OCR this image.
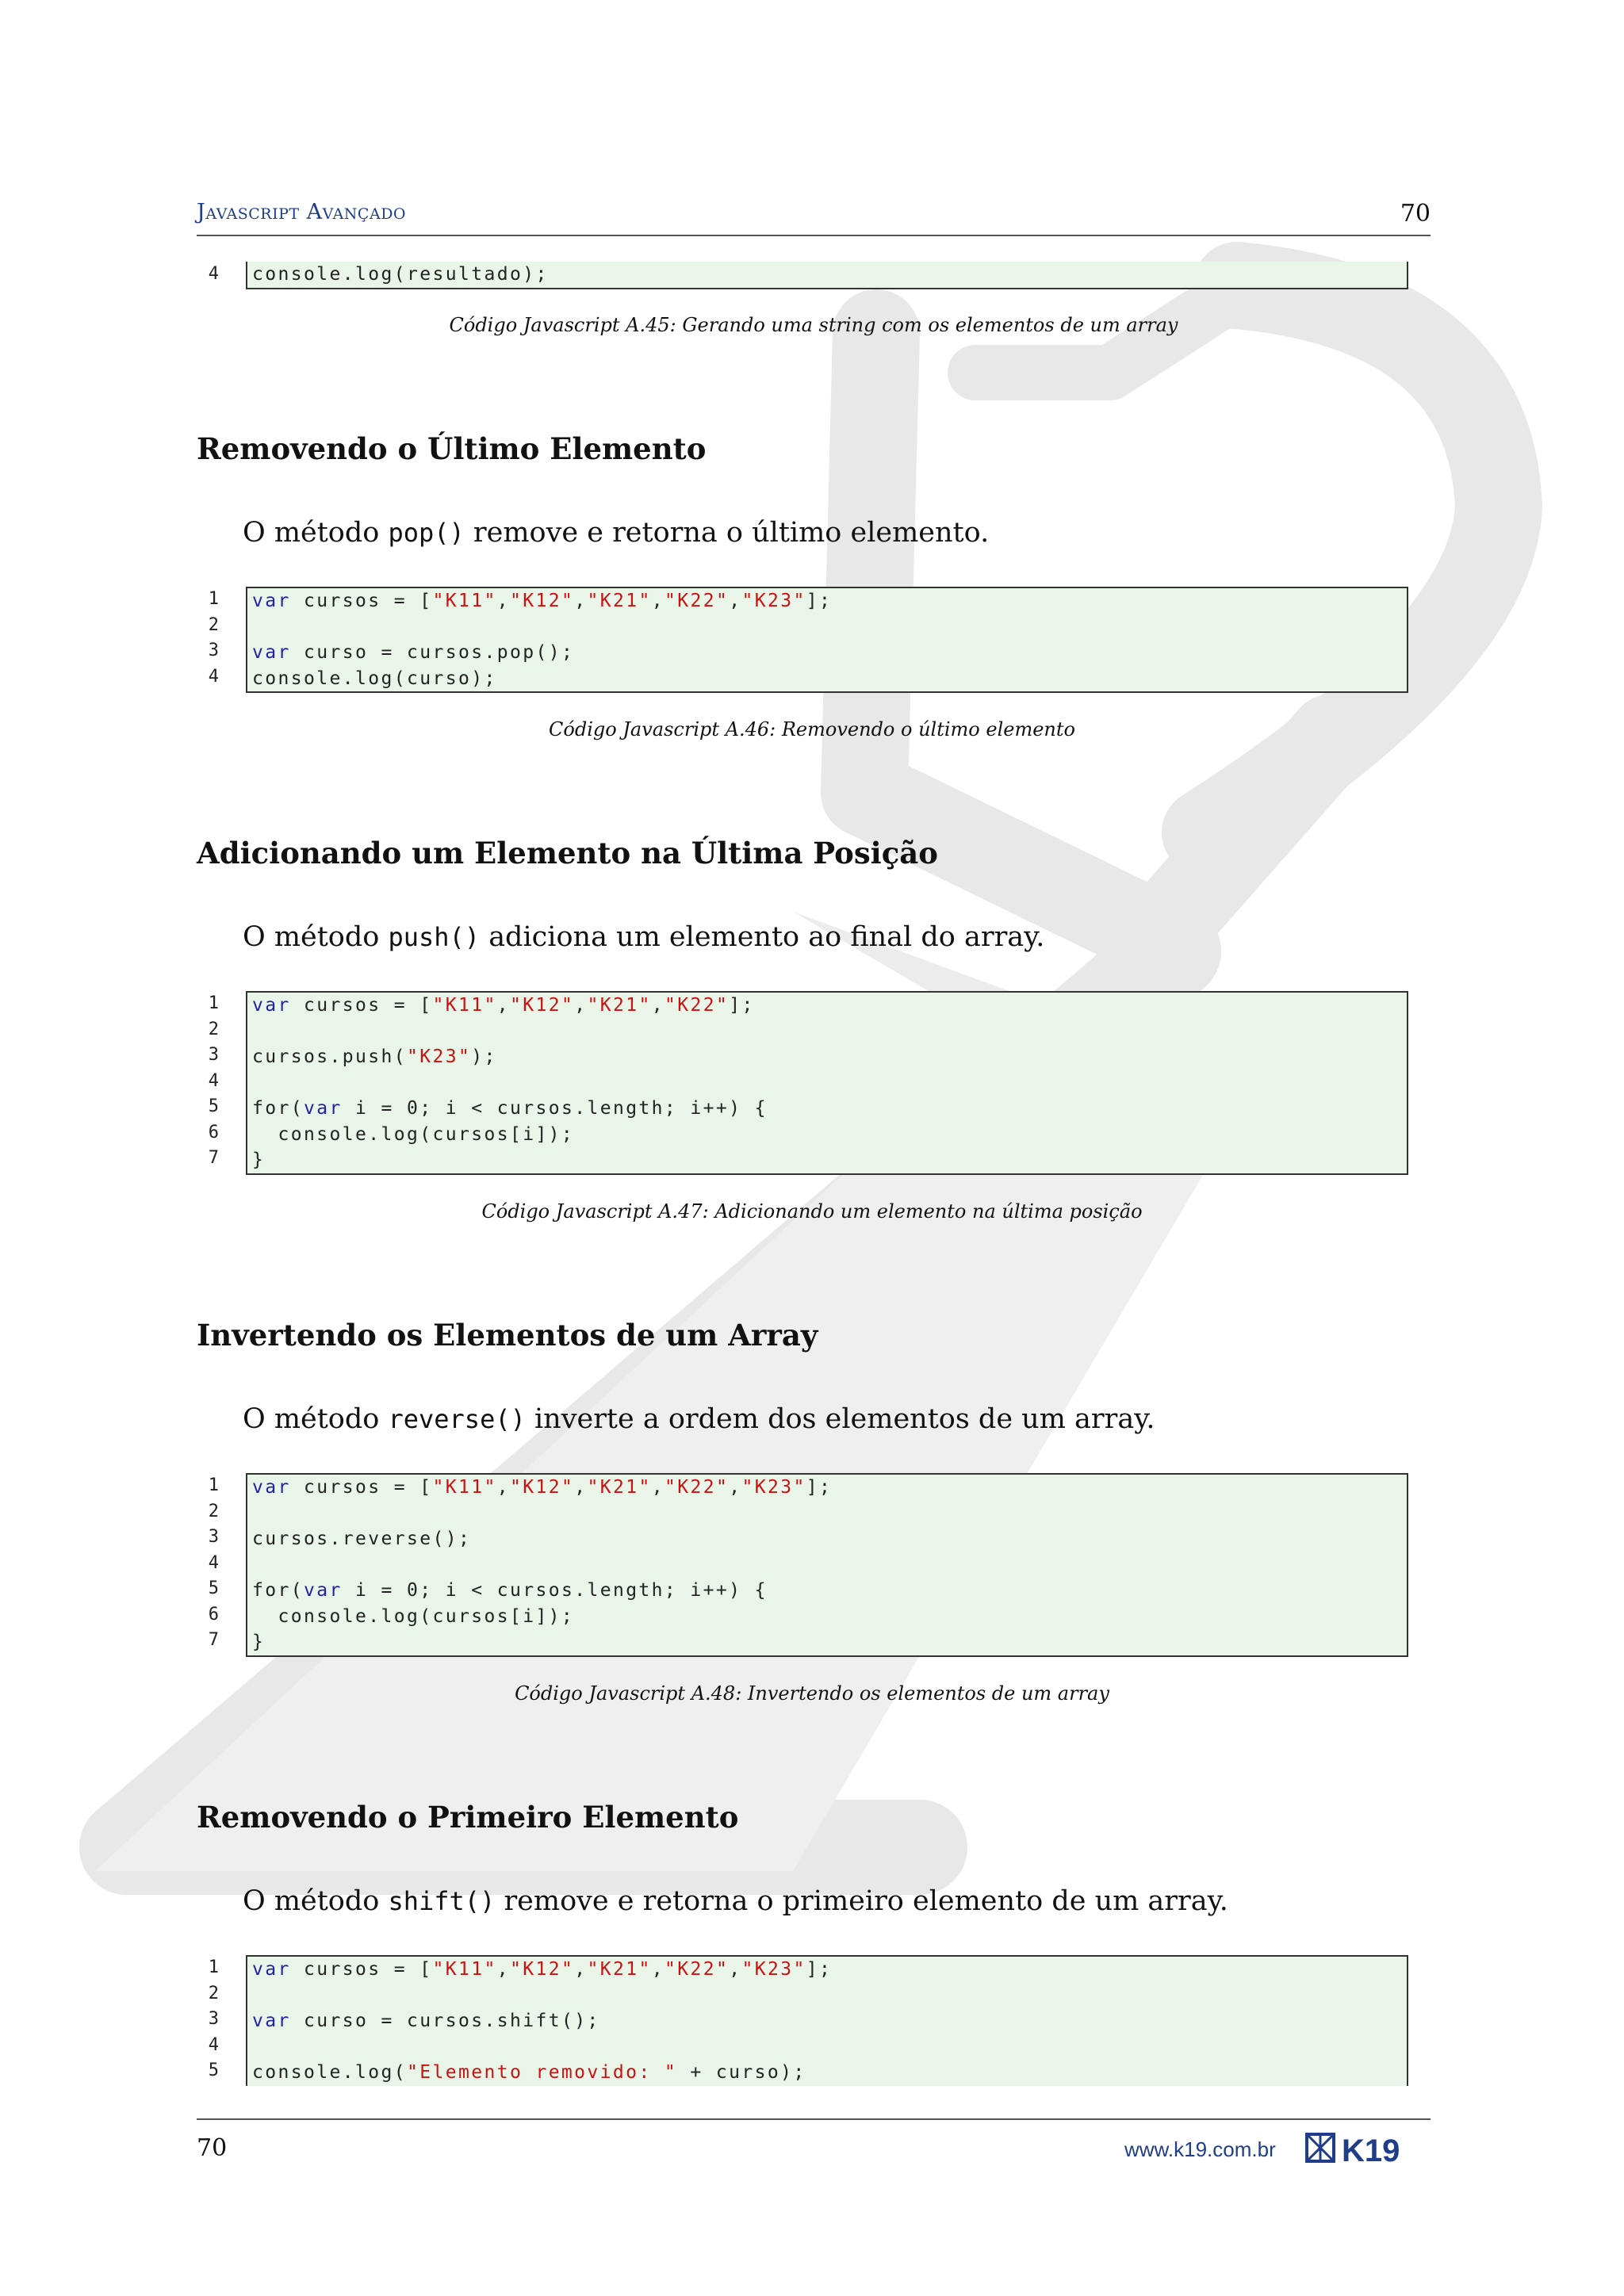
Javascript Avançado	70
4 console.log(resultado);
Código Javascript A.45: Gerando uma string com os elementos de um array
Removendo o Último Elemento
O método pop() remove e retorna o último elemento.
1
2
3
4
var cursos = ["K11","K12","K21","K22","K23"];

var curso = cursos.pop();
console.log(curso);
Código Javascript A.46: Removendo o último elemento
Adicionando um Elemento na Última Posição
O método push() adiciona um elemento ao final do array.
1
2
3
4
5
6
7
var cursos = ["K11","K12","K21","K22"];

cursos.push("K23");

for(var i = 0; i < cursos.length; i++) {
console.log(cursos[i]);
}
Código Javascript A.47: Adicionando um elemento na última posição
Invertendo os Elementos de um Array
O método reverse() inverte a ordem dos elementos de um array.
1
2
3
4
5
6
7
var cursos = ["K11","K12","K21","K22","K23"];

cursos.reverse();

for(var i = 0; i < cursos.length; i++) {
console.log(cursos[i]);
}
Código Javascript A.48: Invertendo os elementos de um array
Removendo o Primeiro Elemento
O método shift() remove e retorna o primeiro elemento de um array.
1
2
3
4
5
var cursos = ["K11","K12","K21","K22","K23"];

var curso = cursos.shift();

console.log("Elemento removido: " + curso);
70	www.k19.com.br K19
